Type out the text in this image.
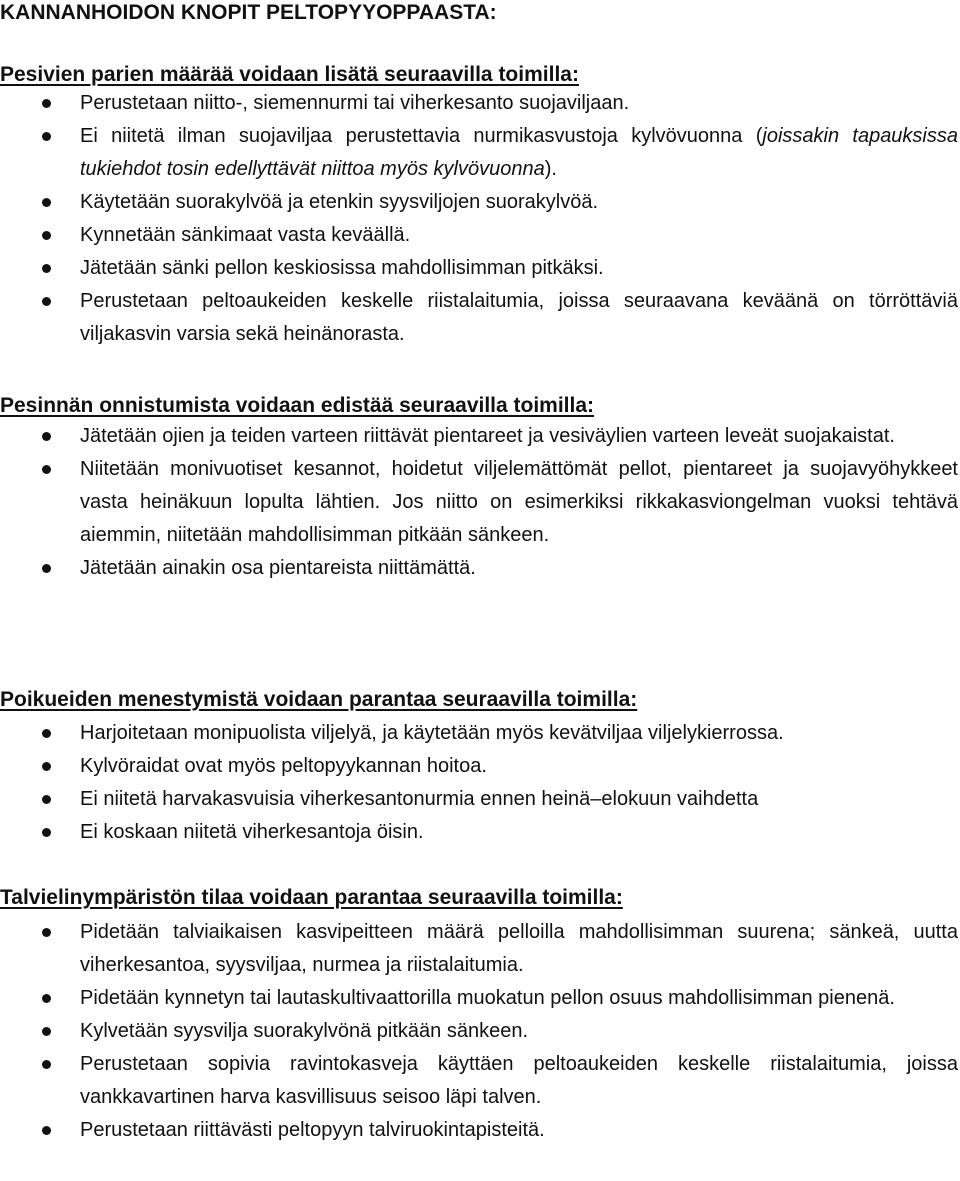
KANNANHOIDON KNOPIT PELTOPYYOPPAASTA:
Pesivien parien määrää voidaan lisätä seuraavilla toimilla:
Perustetaan niitto-, siemennurmi tai viherkesanto suojaviljaan.
Ei niitetä ilman suojaviljaa perustettavia nurmikasvustoja kylvövuonna (joissakin tapauksissa tukiehdot tosin edellyttävät niittoa myös kylvövuonna).
Käytetään suorakylvöä ja etenkin syysviljojen suorakylvöä.
Kynnetään sänkimaat vasta keväällä.
Jätetään sänki pellon keskiosissa mahdollisimman pitkäksi.
Perustetaan peltoaukeiden keskelle riistalaitumia, joissa seuraavana keväänä on törröttäviä viljakasvin varsia sekä heinänorasta.
Pesinnän onnistumista voidaan edistää seuraavilla toimilla:
Jätetään ojien ja teiden varteen riittävät pientareet ja vesiväylien varteen leveät suojakaistat.
Niitetään monivuotiset kesannot, hoidetut viljelemättömät pellot, pientareet ja suojavyöhykkeet vasta heinäkuun lopulta lähtien. Jos niitto on esimerkiksi rikkakasviongelman vuoksi tehtävä aiemmin, niitetään mahdollisimman pitkään sänkeen.
Jätetään ainakin osa pientareista niittämättä.
Poikueiden menestymistä voidaan parantaa seuraavilla toimilla:
Harjoitetaan monipuolista viljelyä, ja käytetään myös kevätviljaa viljelykierrossa.
Kylvöraidat ovat myös peltopyykannan hoitoa.
Ei niitetä harvakasvuisia viherkesantonurmia ennen heinä–elokuun vaihdetta
Ei koskaan niitetä viherkesantoja öisin.
Talvielinympäristön tilaa voidaan parantaa seuraavilla toimilla:
Pidetään talviaikaisen kasvipeitteen määrä pelloilla mahdollisimman suurena; sänkeä, uutta viherkesantoa, syysviljaa, nurmea ja riistalaitumia.
Pidetään kynnetyn tai lautaskultivaattorilla muokatun pellon osuus mahdollisimman pienenä.
Kylvetään syysvilja suorakylvönä pitkään sänkeen.
Perustetaan sopivia ravintokasveja käyttäen peltoaukeiden keskelle riistalaitumia, joissa vankkavartinen harva kasvillisuus seisoo läpi talven.
Perustetaan riittävästi peltopyyn talviruokintapisteitä.
